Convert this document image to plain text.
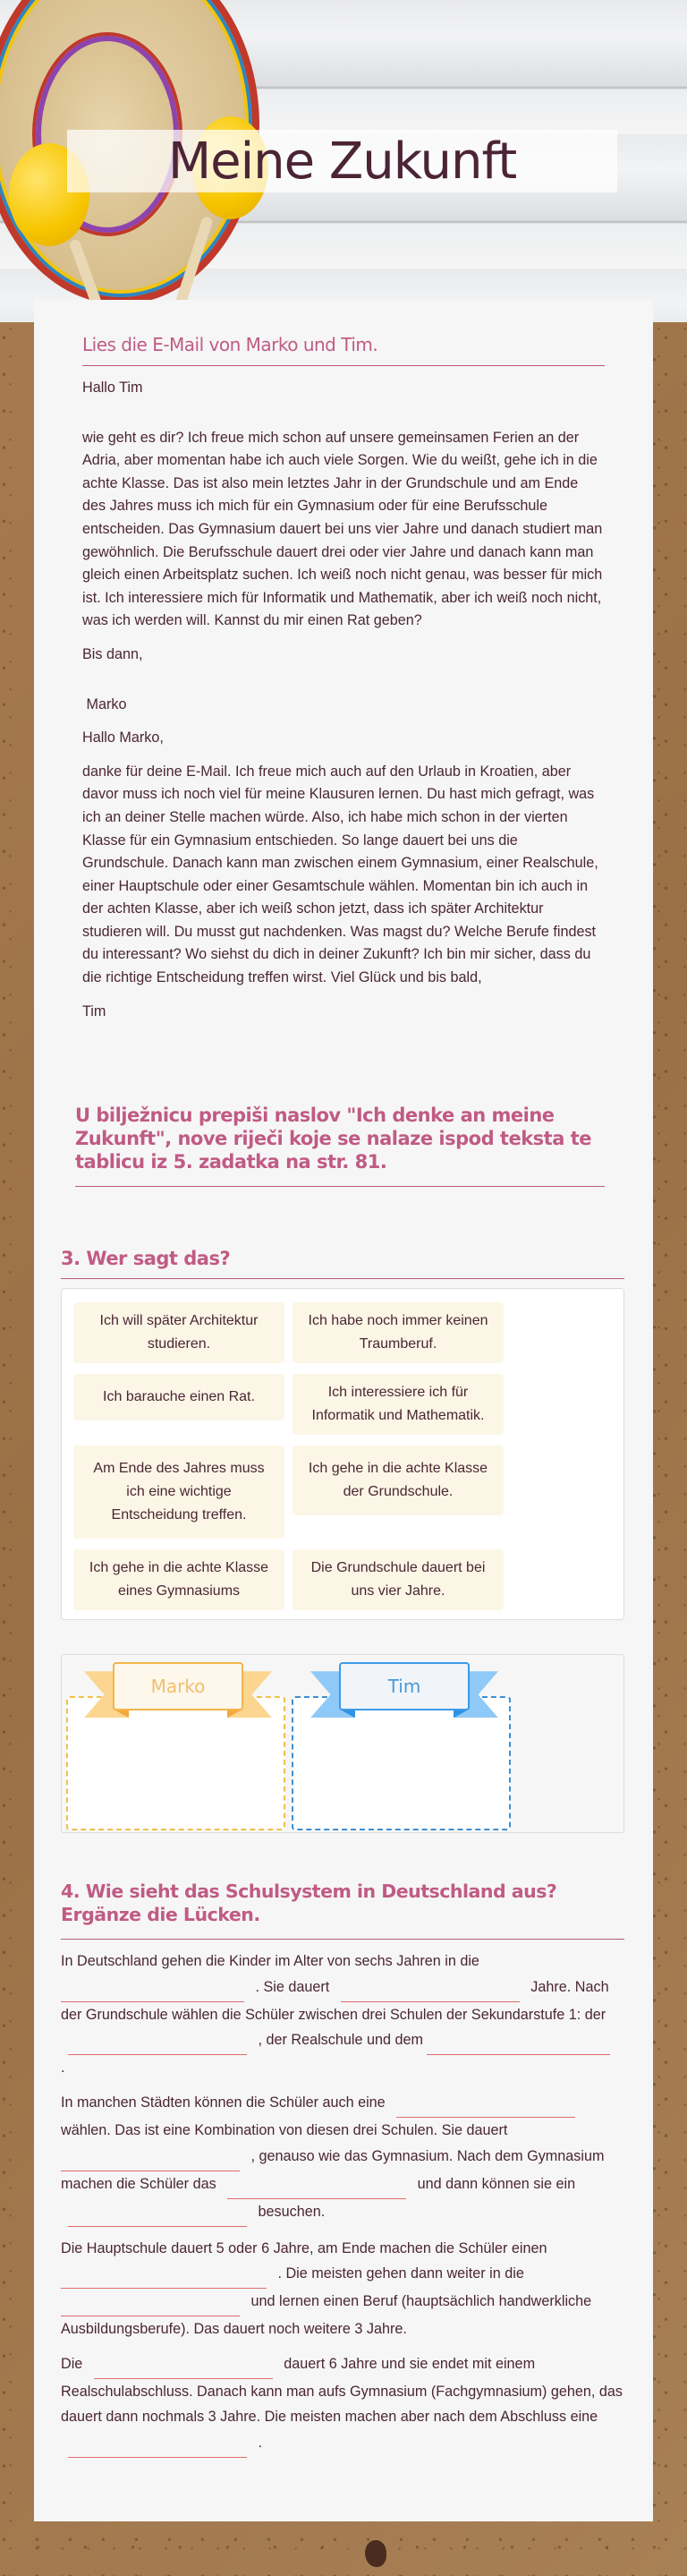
Meine Zukunft
Lies die E-Mail von Marko und Tim.

Hallo Tim

wie geht es dir? Ich freue mich schon auf unsere gemeinsamen Ferien an der Adria, aber momentan habe ich auch viele Sorgen. Wie du weißt, gehe ich in die achte Klasse. Das ist also mein letztes Jahr in der Grundschule und am Ende des Jahres muss ich mich für ein Gymnasium oder für eine Berufsschule entscheiden. Das Gymnasium dauert bei uns vier Jahre und danach studiert man gewöhnlich. Die Berufsschule dauert drei oder vier Jahre und danach kann man gleich einen Arbeitsplatz suchen. Ich weiß noch nicht genau, was besser für mich ist. Ich interessiere mich für Informatik und Mathematik, aber ich weiß noch nicht, was ich werden will. Kannst du mir einen Rat geben?

Bis dann,

Marko

Hallo Marko,

danke für deine E-Mail. Ich freue mich auch auf den Urlaub in Kroatien, aber davor muss ich noch viel für meine Klausuren lernen. Du hast mich gefragt, was ich an deiner Stelle machen würde. Also, ich habe mich schon in der vierten Klasse für ein Gymnasium entschieden. So lange dauert bei uns die Grundschule. Danach kann man zwischen einem Gymnasium, einer Realschule, einer Hauptschule oder einer Gesamtschule wählen. Momentan bin ich auch in der achten Klasse, aber ich weiß schon jetzt, dass ich später Architektur studieren will. Du musst gut nachdenken. Was magst du? Welche Berufe findest du interessant? Wo siehst du dich in deiner Zukunft? Ich bin mir sicher, dass du die richtige Entscheidung treffen wirst. Viel Glück und bis bald,

Tim

U bilježnicu prepiši naslov "Ich denke an meine Zukunft", nove riječi koje se nalaze ispod teksta te tablicu iz 5. zadatka na str. 81.
3. Wer sagt das?
Ich will später Architektur studieren.
Ich habe noch immer keinen Traumberuf.
Ich barauche einen Rat.	Ich interessiere ich für Informatik und Mathematik.
Am Ende des Jahres muss ich eine wichtige Entscheidung treffen.
Ich gehe in die achte Klasse der Grundschule.
Ich gehe in die achte Klasse eines Gymnasiums
Die Grundschule dauert bei uns vier Jahre.
Marko	Tim
4. Wie sieht das Schulsystem in Deutschland aus? Ergänze die Lücken.

In Deutschland gehen die Kinder im Alter von sechs Jahren in die  . Sie dauert	Jahre. Nach der Grundschule wählen die Schüler zwischen drei Schulen der Sekundarstufe 1: der  , der Realschule und dem  .

In manchen Städten können die Schüler auch eine  wählen. Das ist eine Kombination von diesen drei Schulen. Sie dauert  , genauso wie das Gymnasium. Nach dem Gymnasium machen die Schüler das	und dann können sie ein  besuchen.

Die Hauptschule dauert 5 oder 6 Jahre, am Ende machen die Schüler einen  . Die meisten gehen dann weiter in die  und lernen einen Beruf (hauptsächlich handwerkliche Ausbildungsberufe). Das dauert noch weitere 3 Jahre.

Die	dauert 6 Jahre und sie endet mit einem Realschulabschluss. Danach kann man aufs Gymnasium (Fachgymnasium) gehen, das dauert dann nochmals 3 Jahre. Die meisten machen aber nach dem Abschluss eine  .
